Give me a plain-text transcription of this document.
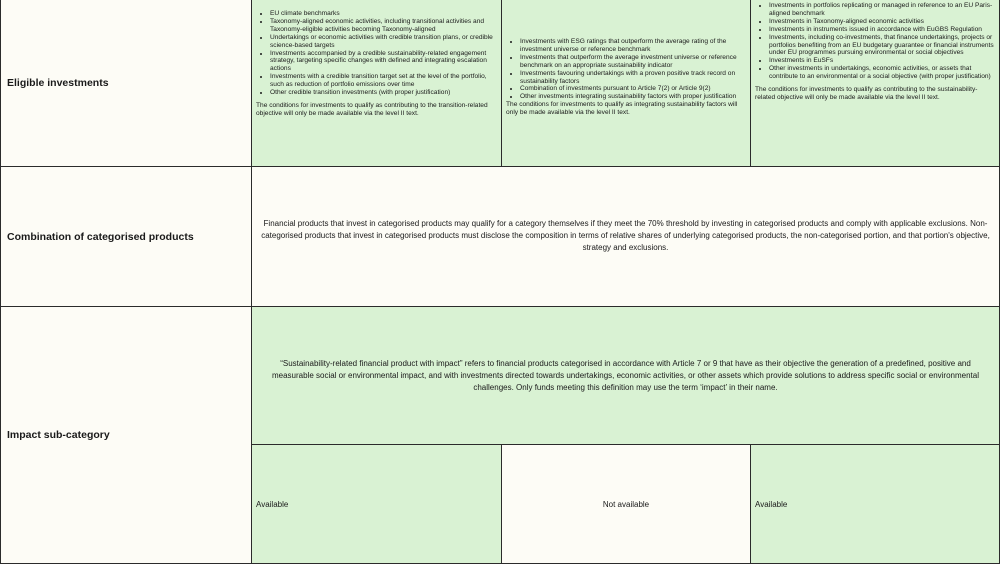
Eligible investments
• EU climate benchmarks
• Taxonomy-aligned economic activities, including transitional activities and Taxonomy-eligible activities becoming Taxonomy-aligned
• Undertakings or economic activities with credible transition plans, or credible science-based targets
• Investments accompanied by a credible sustainability-related engagement strategy, targeting specific changes with defined and integrating escalation actions
• Investments with a credible transition target set at the level of the portfolio, such as reduction of portfolio emissions over time
• Other credible transition investments (with proper justification)

The conditions for investments to qualify as contributing to the transition-related objective will only be made available via the level II text.

• Investments with ESG ratings that outperform the average rating of the investment universe or reference benchmark
• Investments that outperform the average investment universe or reference benchmark on an appropriate sustainability indicator
• Investments favouring undertakings with a proven positive track record on sustainability factors
• Combination of investments pursuant to Article 7(2) or Article 9(2)
• Other investments integrating sustainability factors with proper justification

The conditions for investments to qualify as integrating sustainability factors will only be made available via the level II text.

• Investments in portfolios replicating or managed in reference to an EU Paris-aligned benchmark
• Investments in Taxonomy-aligned economic activities
• Investments in instruments issued in accordance with EuGBS Regulation
• Investments, including co-investments, that finance undertakings, projects or portfolios benefiting from an EU budgetary guarantee or financial instruments under EU programmes pursuing environmental or social objectives
• Investments in EuSFs
• Other investments in undertakings, economic activities, or assets that contribute to an environmental or a social objective (with proper justification)

The conditions for investments to qualify as contributing to the sustainability-related objective will only be made available via the level II text.

Combination of categorised products

Financial products that invest in categorised products may qualify for a category themselves if they meet the 70% threshold by investing in categorised products and comply with applicable exclusions. Non-categorised products that invest in categorised products must disclose the composition in terms of relative shares of underlying categorised products, the non-categorised portion, and that portion's objective, strategy and exclusions.

Impact sub-category

“Sustainability-related financial product with impact” refers to financial products categorised in accordance with Article 7 or 9 that have as their objective the generation of a predefined, positive and measurable social or environmental impact, and with investments directed towards undertakings, economic activities, or other assets which provide solutions to address specific social or environmental challenges. Only funds meeting this definition may use the term ‘impact’ in their name.

Available	Not available	Available
